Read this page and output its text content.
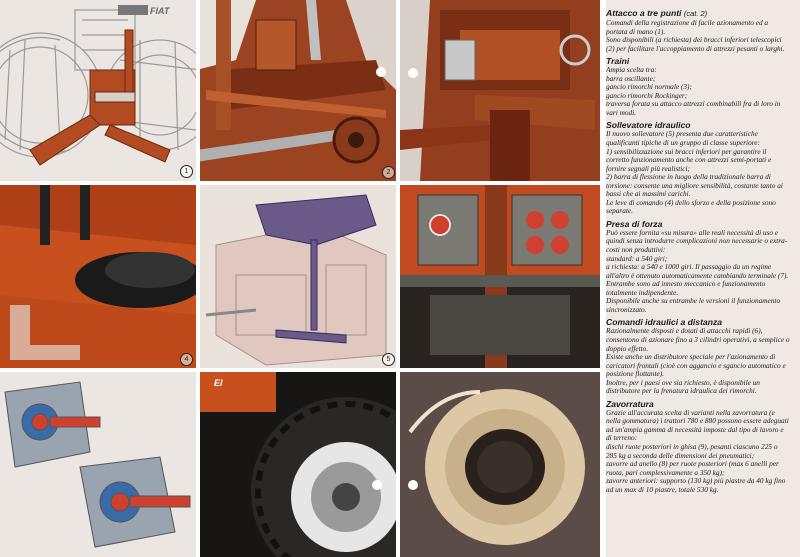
FIAT
1	2
4	5
EI
Attacco a tre punti (cat. 2)

Comandi della registrazione di facile azionamento ed a portata di mano (1).

Sono disponibili (a richiesta) dei bracci inferiori telescopici (2) per facilitare l'accoppiamento di attrezzi pesanti o larghi.

Traini

Ampia scelta tra:

barra oscillante;

gancio rimorchi normale (3);

gancio rimorchi Rockinger;

traversa forata su attacco attrezzi combinabili fra di loro in vari modi.

Sollevatore idraulico

Il nuovo sollevatore (5) presenta due caratteristiche qualificanti tipiche di un gruppo di classe superiore:

1) sensibilizzazione sui bracci inferiori per garantire il corretto funzionamento anche con attrezzi semi-portati e fornire segnali più realistici;

2) barra di flessione in luogo della tradizionale barra di torsione: consente una migliore sensibilità, costante tanto ai bassi che ai massimi carichi.

Le leve di comando (4) dello sforzo e della posizione sono separate.

Presa di forza

Può essere fornita «su misura» alle reali necessità di uso e quindi senza introdurre complicazioni non necessarie o extra-costi non produttivi:

standard: a 540 giri;

a richiesta: a 540 e 1000 giri. Il passaggio da un regime all'altro è ottenuto automaticamente cambiando terminale (7).

Entrambe sono ad innesto meccanico e funzionamento totalmente indipendente.

Disponibile anche su entrambe le versioni il funzionamento sincronizzato.

Comandi idraulici a distanza

Razionalmente disposti e dotati di attacchi rapidi (6), consentono di azionare fino a 3 cilindri operativi, a semplice o doppio effetto.

Esiste anche un distributore speciale per l'azionamento di caricatori frontali (cioè con aggancio e sgancio automatico e posizione flottante).

Inoltre, per i paesi ove sia richiesto, è disponibile un distributore per la frenatura idraulica dei rimorchi.

Zavorratura

Grazie all'accurata scelta di varianti nella zavorratura (e nella gommatura) i trattori 780 e 880 possono essere adeguati ad un'ampia gamma di necessità imposte dal tipo di lavoro e di terreno:

dischi ruote posteriori in ghisa (9), pesanti ciascuno 225 o 285 kg a seconda delle dimensioni dei pneumatici;

zavorre ad anello (8) per ruote posteriori (max 6 anelli per ruota, pari complessivamente a 350 kg);

zavorre anteriori: supporto (130 kg) più piastre da 40 kg fino ad un max di 10 piastre, totale 530 kg.
